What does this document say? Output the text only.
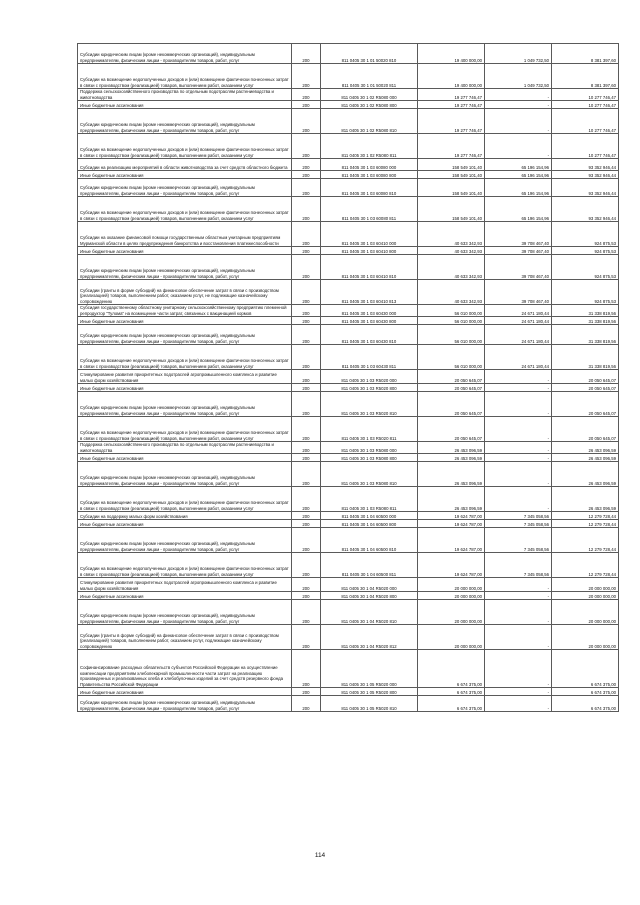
Субсидии юридическим лицам (кроме некоммерческих организаций), индивидуальным предпринимателям, физическим лицам - производителям товаров, работ, услуг	200	811 0405 30 1 01 50020 810	19 400 000,00	1 049 732,50	8 381 397,60
Субсидии на возмещение недополученных доходов и (или) возмещение фактически понесенных затрат в связи с производством (реализацией) товаров, выполнением работ, оказанием услуг	200	811 0405 30 1 01 50020 811	19 400 000,00	1 049 732,50	8 381 397,60
Поддержка сельскохозяйственного производства по отдельным подотраслям растениеводства и животноводства	200	811 0405 30 1 02 R5080 000	19 277 746,47	-	10 277 746,47
Иные бюджетные ассигнования	200	811 0405 30 1 02 R5080 800	19 277 746,47	-	10 277 746,47
Субсидии юридическим лицам (кроме некоммерческих организаций), индивидуальным предпринимателям, физическим лицам - производителям товаров, работ, услуг	200	811 0405 30 1 02 R5080 810	19 277 746,47	-	10 277 746,47
Субсидии на возмещение недополученных доходов и (или) возмещение фактически понесенных затрат в связи с производством (реализацией) товаров, выполнением работ, оказанием услуг	200	811 0405 30 1 02 R5080 811	19 277 746,47	-	10 277 746,47
Субсидии на реализацию мероприятий в области животноводства за счет средств областного бюджета	200	811 0405 30 1 03 60080 000	158 549 101,40	65 196 154,96	93 352 946,44
Иные бюджетные ассигнования	200	811 0405 30 1 03 60080 800	158 549 101,40	65 196 154,96	93 352 946,44
Субсидии юридическим лицам (кроме некоммерческих организаций), индивидуальным предпринимателям, физическим лицам - производителям товаров, работ, услуг	200	811 0405 30 1 03 60080 810	158 549 101,40	65 196 154,96	93 352 946,44
Субсидии на возмещение недополученных доходов и (или) возмещение фактически понесенных затрат в связи с производством (реализацией) товаров, выполнением работ, оказанием услуг	200	811 0405 30 1 03 60080 811	158 549 101,40	65 196 154,96	93 352 946,44
Субсидии на оказание финансовой помощи государственным областным унитарным предприятиям Мурманской области в целях предупреждения банкротства и восстановления платежеспособности	200	811 0405 30 1 03 60410 000	40 633 342,93	39 708 467,40	924 875,53
Иные бюджетные ассигнования	200	811 0405 30 1 03 60410 800	40 633 342,93	39 708 467,40	924 875,53
Субсидии юридическим лицам (кроме некоммерческих организаций), индивидуальным предпринимателям, физическим лицам - производителям товаров, работ, услуг	200	811 0405 30 1 03 60410 810	40 633 342,93	39 708 467,40	924 875,53
Субсидии (гранты в форме субсидий) на финансовое обеспечение затрат в связи с производством (реализацией) товаров, выполнением работ, оказанием услуг, не подлежащие казначейскому сопровождению	200	811 0405 30 1 03 60410 813	40 633 342,93	39 708 467,40	924 875,53
Субсидия государственному областному унитарному сельскохозяйственному предприятию племенной репродуктор "Тулома" на возмещение части затрат, связанных с вакцинацией кормов	200	811 0405 30 1 03 60430 000	56 010 000,00	24 671 180,44	31 338 819,56
Иные бюджетные ассигнования	200	811 0405 30 1 03 60430 800	56 010 000,00	24 671 180,44	31 338 819,56
Субсидии юридическим лицам (кроме некоммерческих организаций), индивидуальным предпринимателям, физическим лицам - производителям товаров, работ, услуг	200	811 0405 30 1 03 60430 810	56 010 000,00	24 671 180,44	31 338 819,56
Субсидии на возмещение недополученных доходов и (или) возмещение фактически понесенных затрат в связи с производством (реализацией) товаров, выполнением работ, оказанием услуг	200	811 0405 30 1 03 60430 811	56 010 000,00	24 671 180,44	31 338 819,56
Стимулирование развития приоритетных подотраслей агропромышленного комплекса и развитие малых форм хозяйствования	200	811 0405 30 1 03 R5020 000	20 050 645,07	-	20 050 645,07
Иные бюджетные ассигнования	200	811 0405 30 1 03 R5020 800	20 050 645,07	-	20 050 645,07
Субсидии юридическим лицам (кроме некоммерческих организаций), индивидуальным предпринимателям, физическим лицам - производителям товаров, работ, услуг	200	811 0405 30 1 03 R5020 810	20 050 645,07	-	20 050 645,07
Субсидии на возмещение недополученных доходов и (или) возмещение фактически понесенных затрат в связи с производством (реализацией) товаров, выполнением работ, оказанием услуг	200	811 0405 30 1 03 R5020 811	20 050 645,07	-	20 050 645,07
Поддержка сельскохозяйственного производства по отдельным подотраслям растениеводства и животноводства	200	811 0405 30 1 03 R5080 000	26 453 096,59	-	26 453 096,59
Иные бюджетные ассигнования	200	811 0405 30 1 03 R5080 800	26 453 096,59	-	26 453 096,59
Субсидии юридическим лицам (кроме некоммерческих организаций), индивидуальным предпринимателям, физическим лицам - производителям товаров, работ, услуг	200	811 0405 30 1 03 R5080 810	26 453 096,59	-	26 453 096,59
Субсидии на возмещение недополученных доходов и (или) возмещение фактически понесенных затрат в связи с производством (реализацией) товаров, выполнением работ, оказанием услуг	200	811 0405 30 1 03 R5080 811	26 453 096,59	-	26 453 096,59
Субсидии на поддержку малых форм хозяйствования	200	811 0405 30 1 04 60500 000	19 624 787,00	7 345 058,56	12 279 728,44
Иные бюджетные ассигнования	200	811 0405 30 1 04 60500 800	19 624 787,00	7 345 058,56	12 279 728,44
Субсидии юридическим лицам (кроме некоммерческих организаций), индивидуальным предпринимателям, физическим лицам - производителям товаров, работ, услуг	200	811 0405 30 1 04 60500 810	19 624 787,00	7 345 058,56	12 279 728,44
Субсидии на возмещение недополученных доходов и (или) возмещение фактически понесенных затрат в связи с производством (реализацией) товаров, выполнением работ, оказанием услуг	200	811 0405 30 1 04 60500 811	19 624 787,00	7 345 058,56	12 279 728,44
Стимулирование развития приоритетных подотраслей агропромышленного комплекса и развитие малых форм хозяйствования	200	811 0405 30 1 04 R5020 000	20 000 000,00	-	20 000 000,00
Иные бюджетные ассигнования	200	811 0405 30 1 04 R5020 800	20 000 000,00	-	20 000 000,00
Субсидии юридическим лицам (кроме некоммерческих организаций), индивидуальным предпринимателям, физическим лицам - производителям товаров, работ, услуг	200	811 0405 30 1 04 R5020 810	20 000 000,00	-	20 000 000,00
Субсидии (гранты в форме субсидий) на финансовое обеспечение затрат в связи с производством (реализацией) товаров, выполнением работ, оказанием услуг, подлежащие казначейскому сопровождению	200	811 0405 30 1 04 R5020 812	20 000 000,00	-	20 000 000,00
Софинансирование расходных обязательств субъектов Российской Федерации на осуществление компенсации предприятиям хлебопекарной промышленности части затрат на реализацию произведенных и реализованных хлеба и хлебобулочных изделий за счет средств резервного фонда Правительства Российской Федерации	200	811 0405 30 1 05 R5020 000	6 674 375,00	-	6 674 375,00
Иные бюджетные ассигнования	200	811 0405 30 1 05 R5020 800	6 674 375,00	-	6 674 375,00
Субсидии юридическим лицам (кроме некоммерческих организаций), индивидуальным предпринимателям, физическим лицам - производителям товаров, работ, услуг	200	811 0405 30 1 05 R5020 810	6 674 375,00	-	6 674 375,00
114
